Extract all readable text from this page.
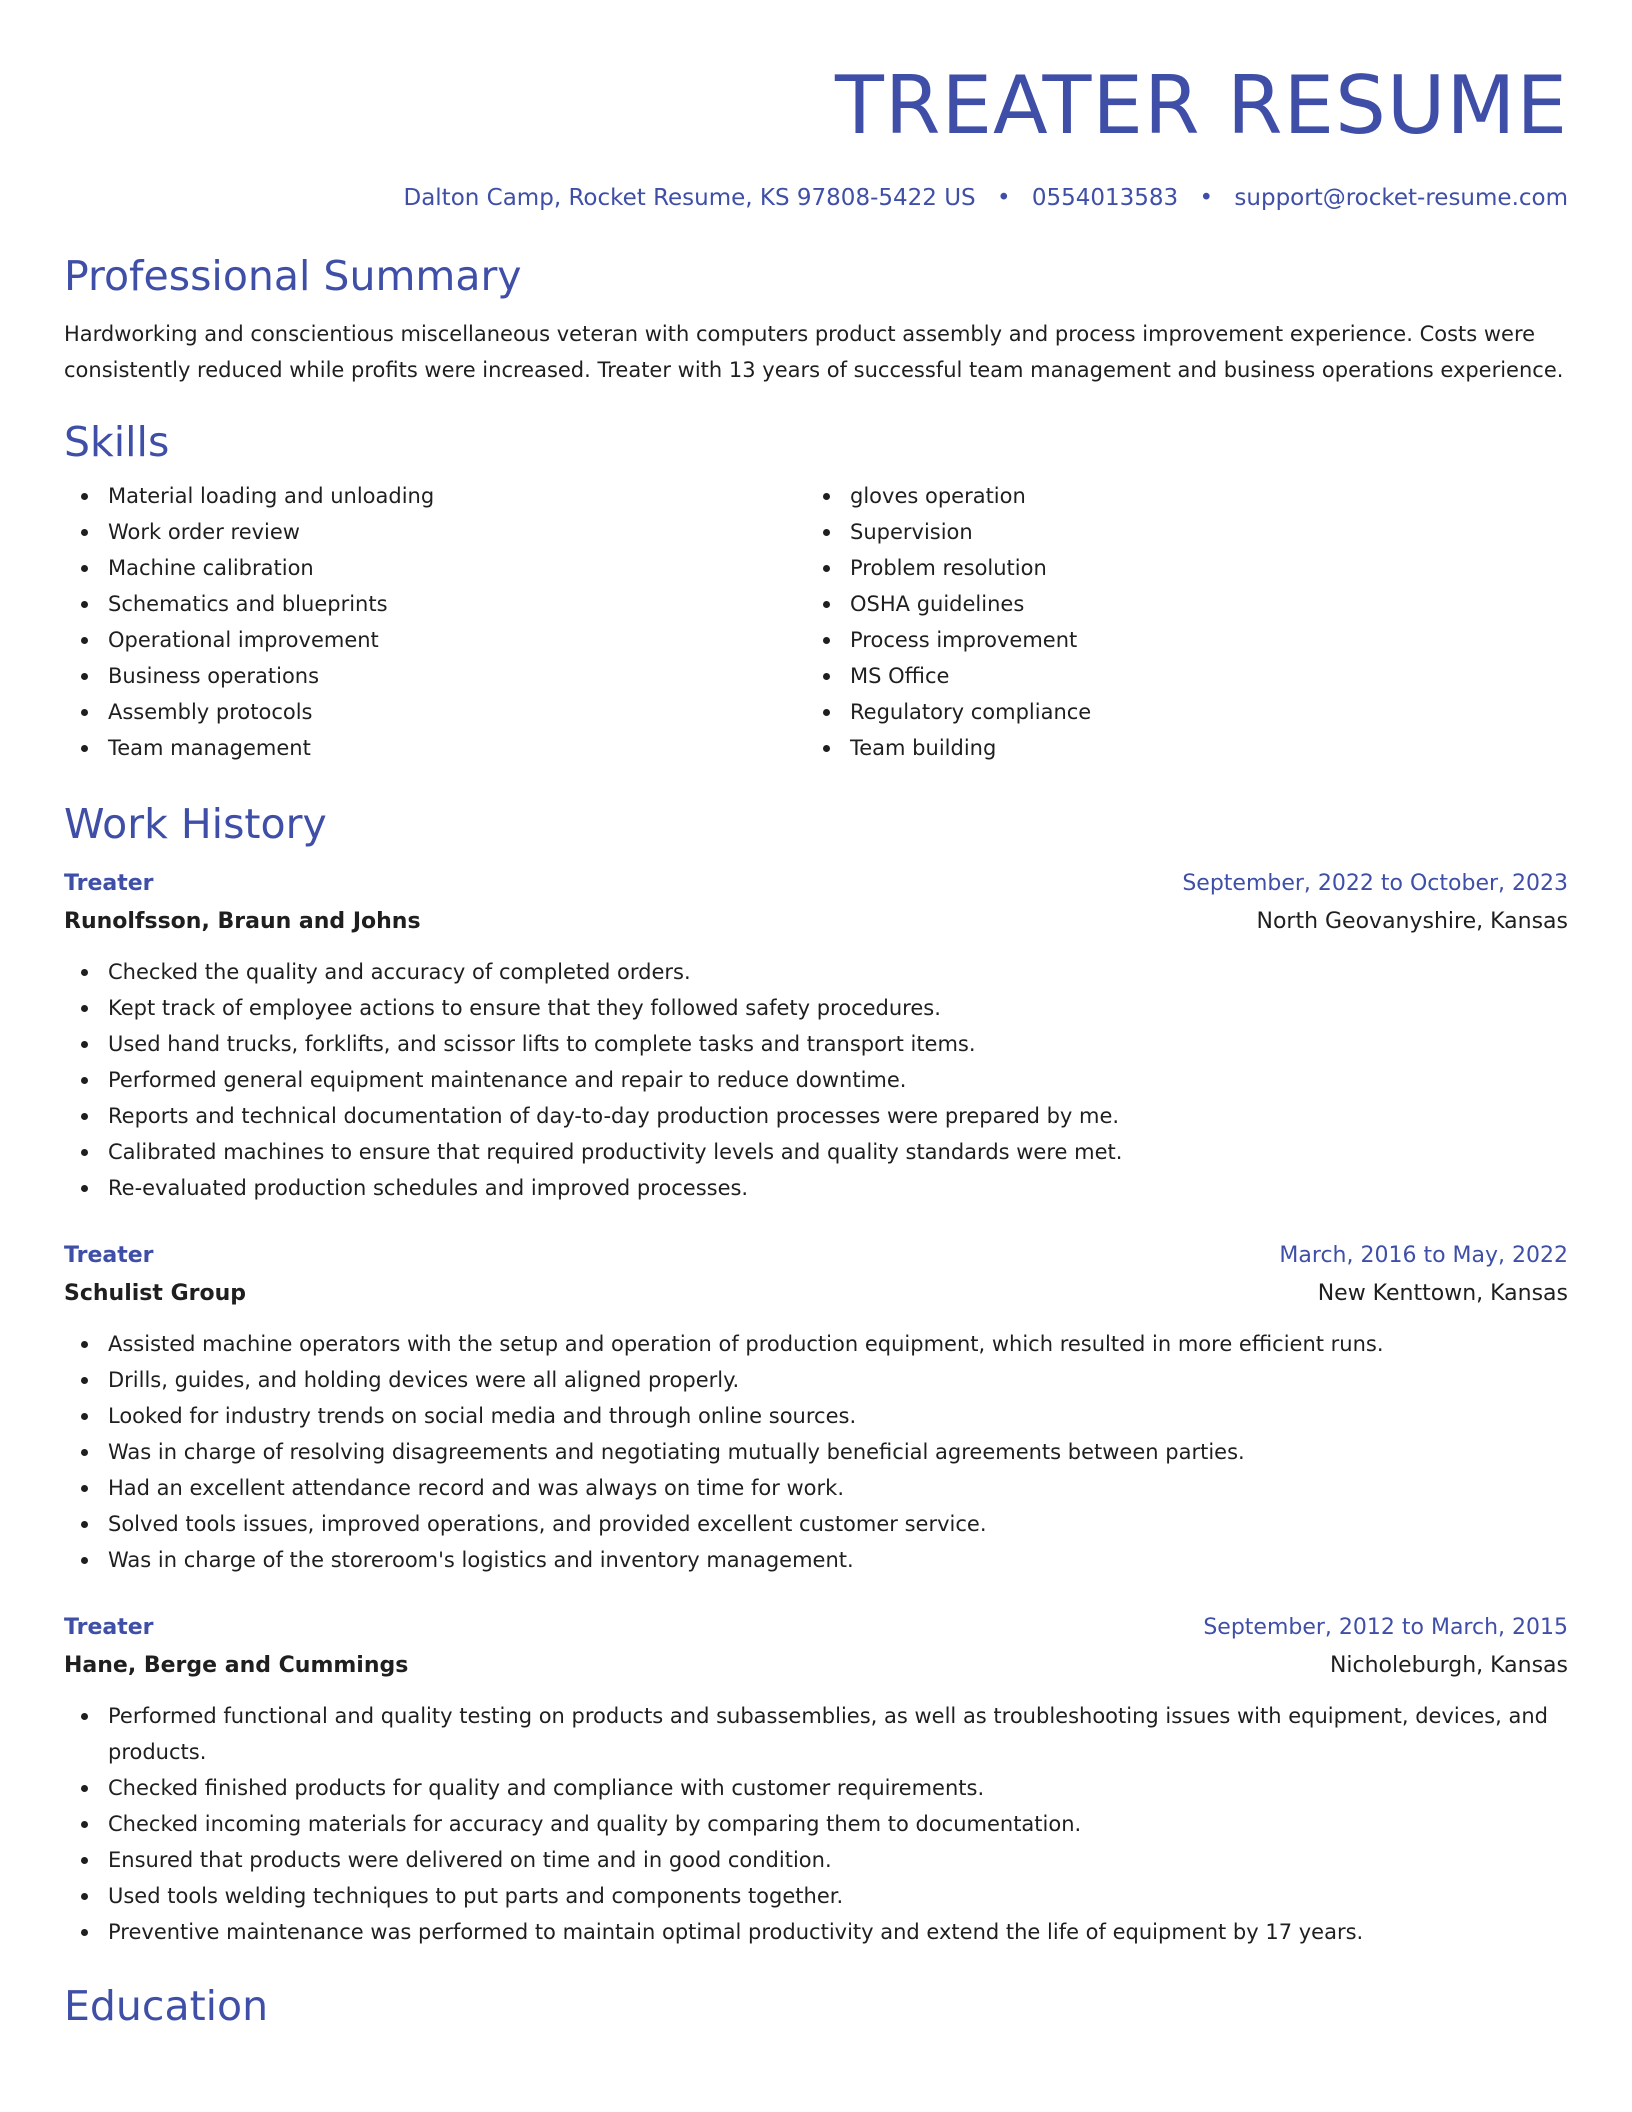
TREATER RESUME
Dalton Camp, Rocket Resume, KS 97808-5422 US • 0554013583 • support@rocket-resume.com
Professional Summary

Hardworking and conscientious miscellaneous veteran with computers product assembly and process improvement experience. Costs were consistently reduced while profits were increased. Treater with 13 years of successful team management and business operations experience.

Skills
Material loading and unloading
Work order review
Machine calibration
Schematics and blueprints
Operational improvement
Business operations
Assembly protocols
Team management
gloves operation
Supervision
Problem resolution
OSHA guidelines
Process improvement
MS Office
Regulatory compliance
Team building
Work History
Treater	September, 2022 to October, 2023
Runolfsson, Braun and Johns	North Geovanyshire, Kansas
Checked the quality and accuracy of completed orders.
Kept track of employee actions to ensure that they followed safety procedures.
Used hand trucks, forklifts, and scissor lifts to complete tasks and transport items.
Performed general equipment maintenance and repair to reduce downtime.
Reports and technical documentation of day-to-day production processes were prepared by me.
Calibrated machines to ensure that required productivity levels and quality standards were met.
Re-evaluated production schedules and improved processes.
Treater	March, 2016 to May, 2022
Schulist Group	New Kenttown, Kansas
Assisted machine operators with the setup and operation of production equipment, which resulted in more efficient runs.
Drills, guides, and holding devices were all aligned properly.
Looked for industry trends on social media and through online sources.
Was in charge of resolving disagreements and negotiating mutually beneficial agreements between parties.
Had an excellent attendance record and was always on time for work.
Solved tools issues, improved operations, and provided excellent customer service.
Was in charge of the storeroom's logistics and inventory management.
Treater	September, 2012 to March, 2015
Hane, Berge and Cummings	Nicholeburgh, Kansas
Performed functional and quality testing on products and subassemblies, as well as troubleshooting issues with equipment, devices, and products.
Checked finished products for quality and compliance with customer requirements.
Checked incoming materials for accuracy and quality by comparing them to documentation.
Ensured that products were delivered on time and in good condition.
Used tools welding techniques to put parts and components together.
Preventive maintenance was performed to maintain optimal productivity and extend the life of equipment by 17 years.
Education
